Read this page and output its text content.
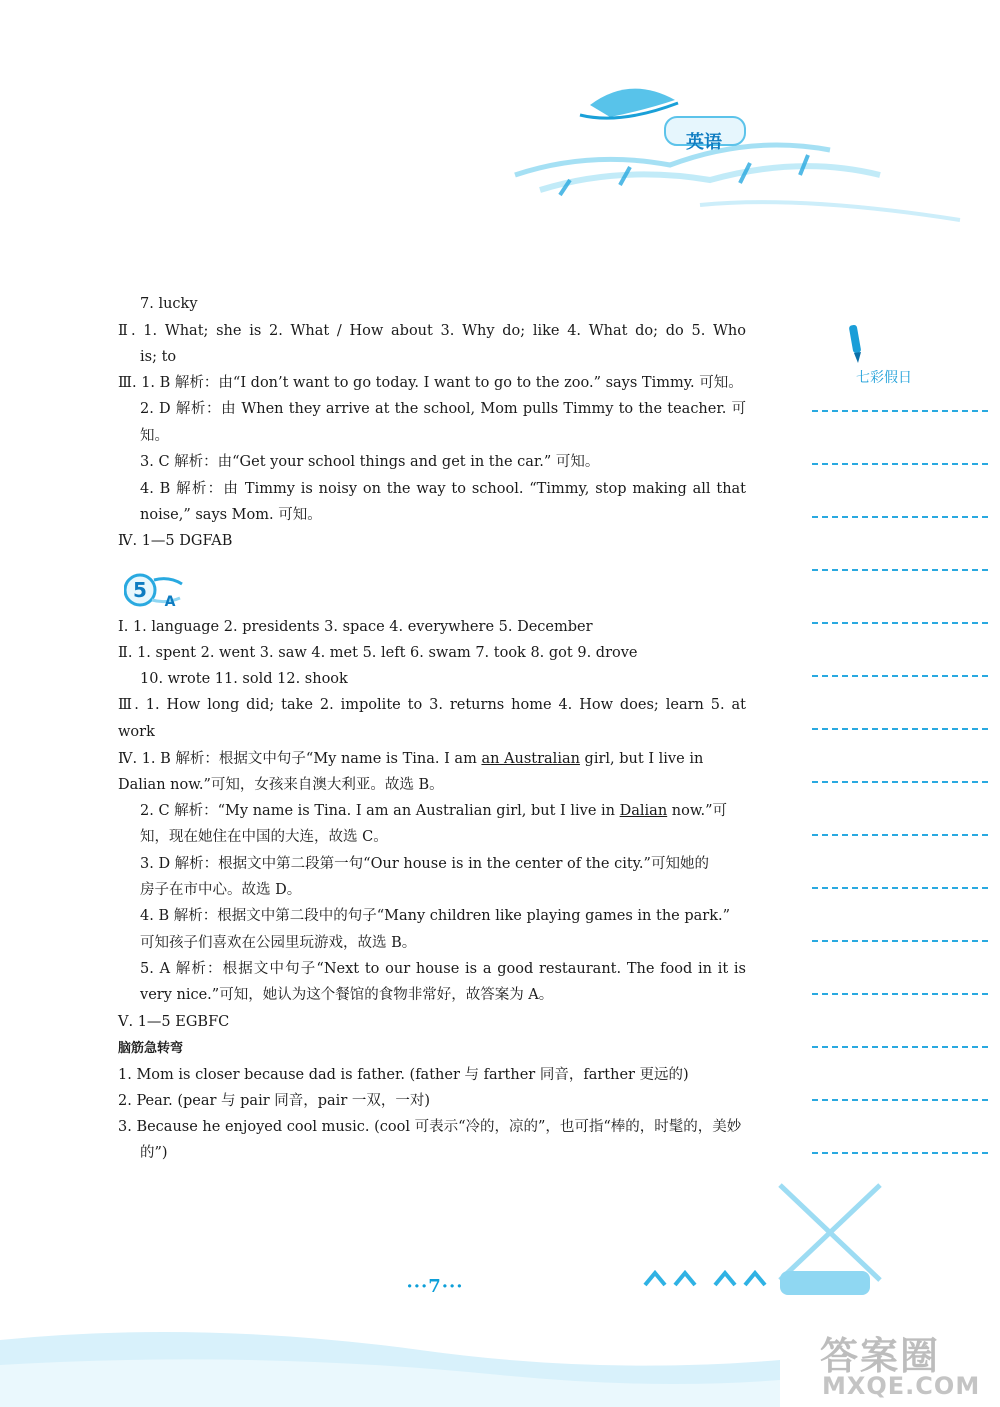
英语
七彩假日
7. lucky
Ⅱ. 1. What; she is 2. What / How about 3. Why do; like 4. What do; do 5. Who
is; to
Ⅲ. 1. B 解析：由“I don’t want to go today. I want to go to the zoo.” says Timmy. 可知。
2. D 解析：由 When they arrive at the school, Mom pulls Timmy to the teacher. 可
知。
3. C 解析：由“Get your school things and get in the car.” 可知。
4. B 解析：由 Timmy is noisy on the way to school. “Timmy, stop making all that
noise,” says Mom. 可知。
Ⅳ. 1—5 DGFAB
5 A
Ⅰ. 1. language 2. presidents 3. space 4. everywhere 5. December
Ⅱ. 1. spent 2. went 3. saw 4. met 5. left 6. swam 7. took 8. got 9. drove
10. wrote 11. sold 12. shook
Ⅲ. 1. How long did; take 2. impolite to 3. returns home 4. How does; learn 5. at
work
Ⅳ. 1. B 解析：根据文中句子“My name is Tina. I am an Australian girl, but I live in
Dalian now.”可知，女孩来自澳大利亚。故选 B。
2. C 解析：“My name is Tina. I am an Australian girl, but I live in Dalian now.”可
知，现在她住在中国的大连，故选 C。
3. D 解析：根据文中第二段第一句“Our house is in the center of the city.”可知她的
房子在市中心。故选 D。
4. B 解析：根据文中第二段中的句子“Many children like playing games in the park.”
可知孩子们喜欢在公园里玩游戏，故选 B。
5. A 解析：根据文中句子“Next to our house is a good restaurant. The food in it is
very nice.”可知，她认为这个餐馆的食物非常好，故答案为 A。
Ⅴ. 1—5 EGBFC
脑筋急转弯
1. Mom is closer because dad is father. (father 与 farther 同音，farther 更远的)
2. Pear. (pear 与 pair 同音，pair 一双，一对)
3. Because he enjoyed cool music. (cool 可表示“冷的，凉的”，也可指“棒的，时髦的，美妙
的”)
···7···
答案圈
MXQE.COM
